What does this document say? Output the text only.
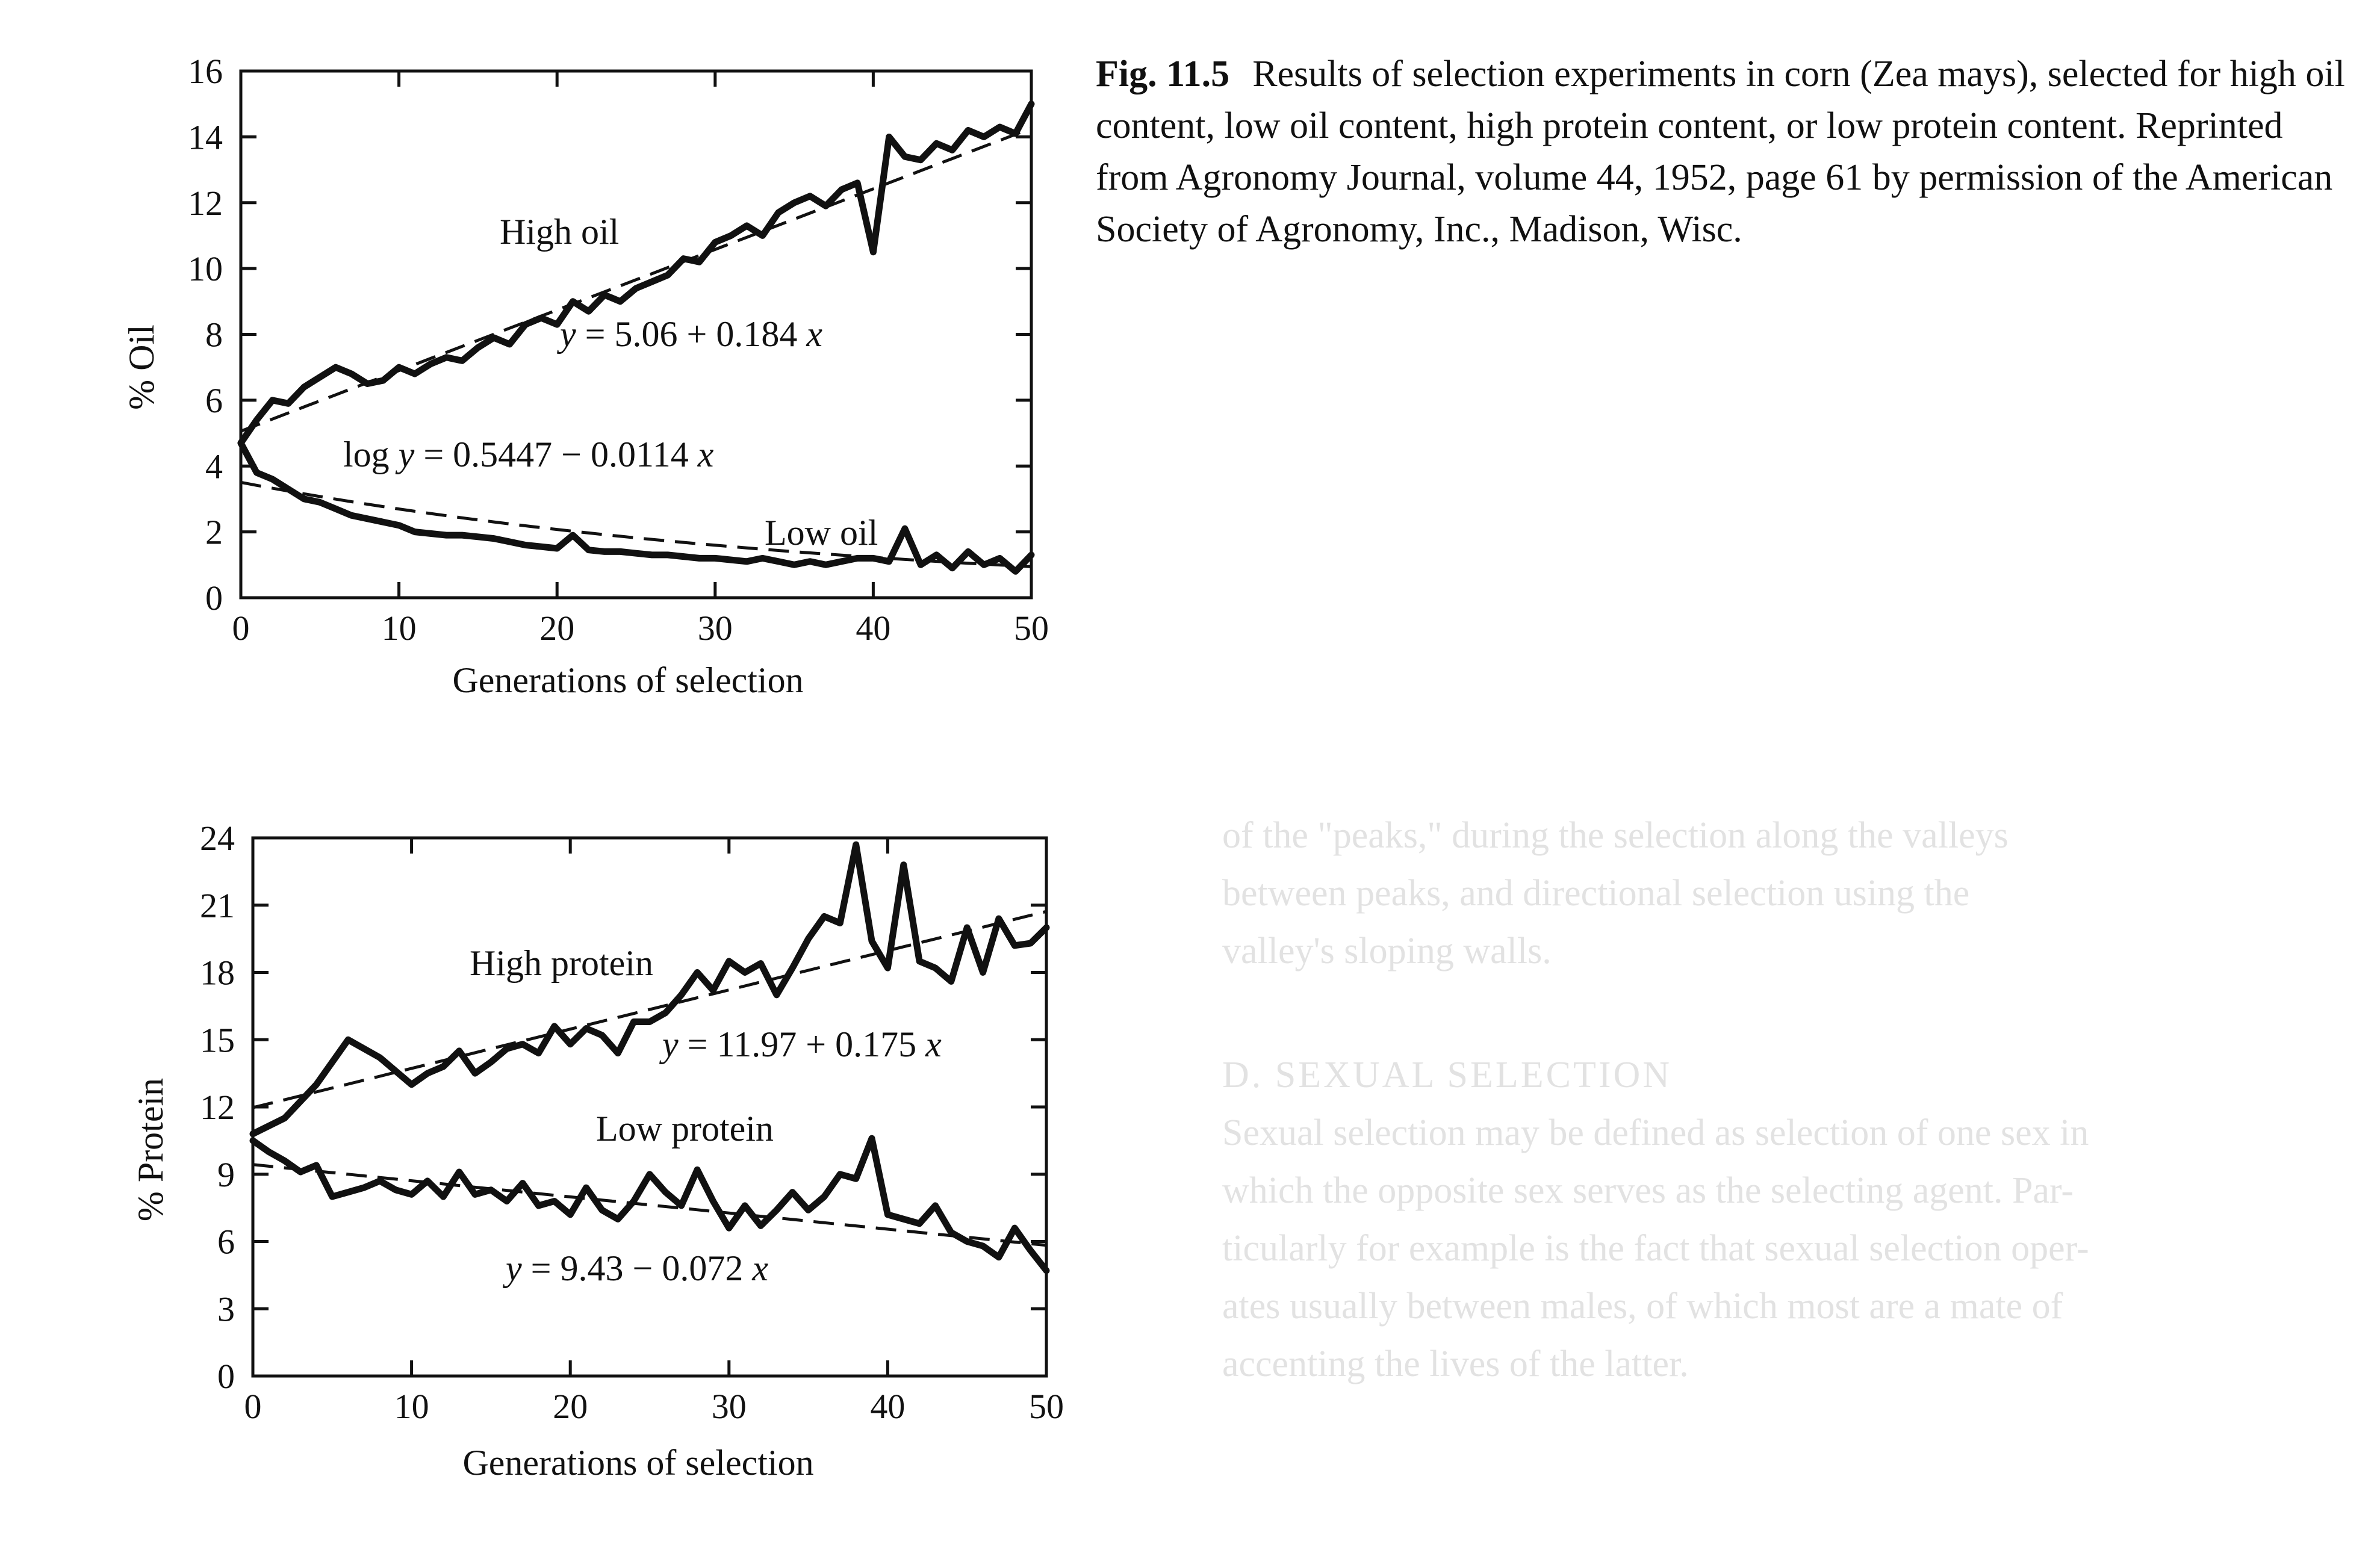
of the "peaks," during the selection along the valleys

between peaks, and directional selection using the

valley's sloping walls.

D. SEXUAL SELECTION

Sexual selection may be defined as selection of one sex in

which the opposite sex serves as the selecting agent. Par-

ticularly for example is the fact that sexual selection oper-

ates usually between males, of which most are a mate of

accenting the lives of the latter.

0	10	20	30	40	50
0
2
4
6
8
10
12
14
16
High oil
Low oil
y = 5.06 + 0.184 x
log y = 0.5447 − 0.0114 x
Generations of selection
% Oil
0	10	20	30	40	50
0
3
6
9
12
15
18
21
24
High protein
Low protein
y = 11.97 + 0.175 x
y = 9.43 − 0.072 x
Generations of selection
% Protein
Fig. 11.5 Results of selection experiments in corn (Zea mays), selected for high oil content, low oil content, high protein content, or low protein content. Reprinted from Agronomy Journal, volume 44, 1952, page 61 by permission of the American Society of Agronomy, Inc., Madison, Wisc.
